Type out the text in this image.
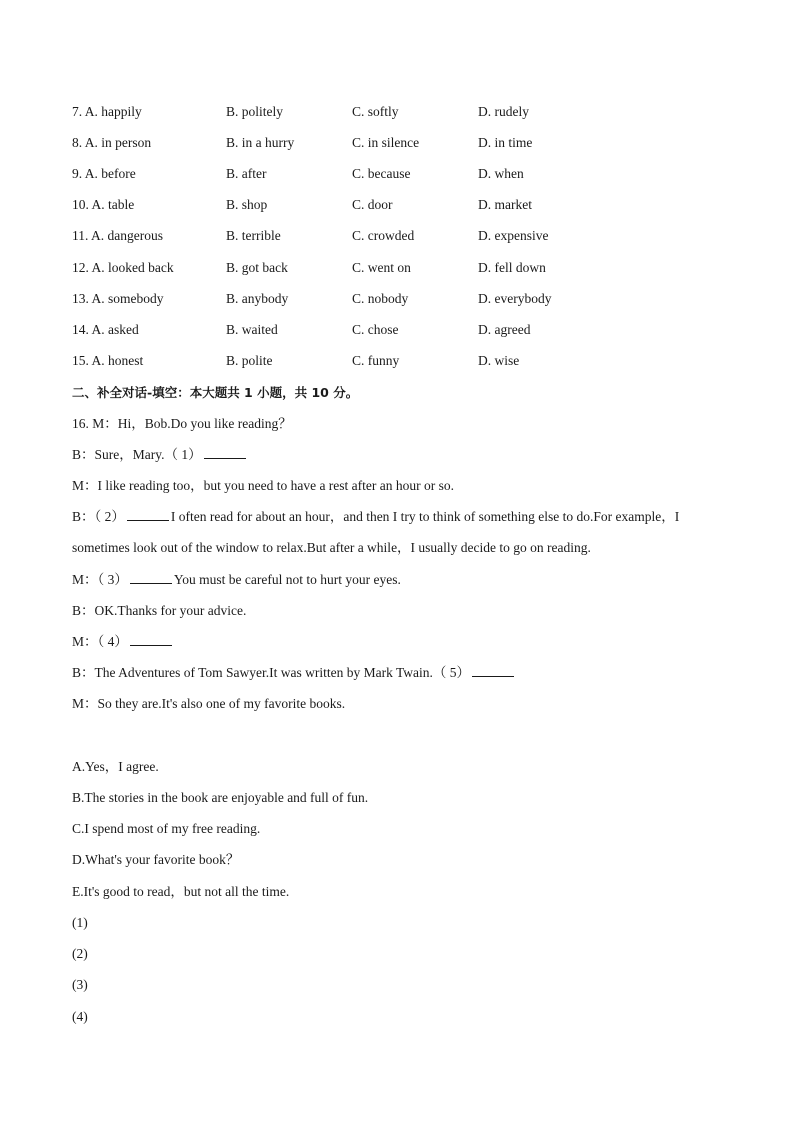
7. A. happily	B. politely	C. softly	D. rudely
8. A. in person	B. in a hurry	C. in silence	D. in time
9. A. before	B. after	C. because	D. when
10. A. table	B. shop	C. door	D. market
11. A. dangerous	B. terrible	C. crowded	D. expensive
12. A. looked back	B. got back	C. went on	D. fell down
13. A. somebody	B. anybody	C. nobody	D. everybody
14. A. asked	B. waited	C. chose	D. agreed
15. A. honest	B. polite	C. funny	D. wise
二、补全对话-填空：本大题共 1 小题，共 10 分。
16. M：Hi，Bob.Do you like reading？
B：Sure，Mary.（ 1）
M：I like reading too，but you need to have a rest after an hour or so.
B：（ 2）	I often read for about an hour，and then I try to think of something else to do.For example，I
sometimes look out of the window to relax.But after a while，I usually decide to go on reading.
M：（ 3）	You must be careful not to hurt your eyes.
B：OK.Thanks for your advice.
M：（ 4）
B：The Adventures of Tom Sawyer.It was written by Mark Twain.（ 5）
M：So they are.It's also one of my favorite books.
A.Yes，I agree.
B.The stories in the book are enjoyable and full of fun.
C.I spend most of my free reading.
D.What's your favorite book？
E.It's good to read，but not all the time.
(1)
(2)
(3)
(4)
